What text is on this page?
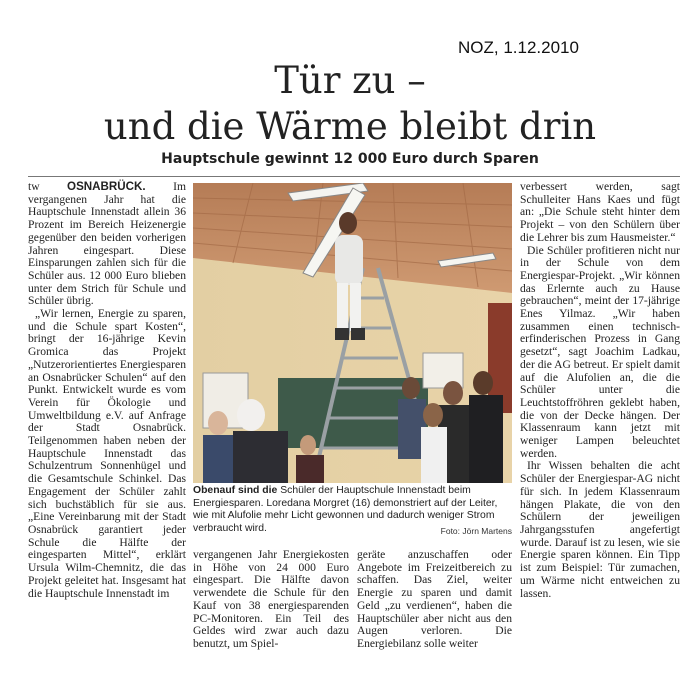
NOZ, 1.12.2010
Tür zu –
und die Wärme bleibt drin
Hauptschule gewinnt 12 000 Euro durch Sparen

tw OSNABRÜCK. Im vergangenen Jahr hat die Hauptschule Innenstadt allein 36 Prozent im Bereich Heizenergie gegenüber den beiden vorherigen Jahren eingespart. Diese Einsparungen zahlen sich für die Schüler aus. 12 000 Euro blieben unter dem Strich für Schule und Schüler übrig.

„Wir lernen, Energie zu sparen, und die Schule spart Kosten“, bringt der 16-jährige Kevin Gromica das Projekt „Nutzerorientiertes Energiesparen an Osnabrücker Schulen“ auf den Punkt. Entwickelt wurde es vom Verein für Ökologie und Umweltbildung e.V. auf Anfrage der Stadt Osnabrück. Teilgenommen haben neben der Hauptschule Innenstadt das Schulzentrum Sonnenhügel und die Gesamtschule Schinkel. Das Engagement der Schüler zahlt sich buchstäblich für sie aus. „Eine Vereinbarung mit der Stadt Osnabrück garantiert jeder Schule die Hälfte der eingesparten Mittel“, erklärt Ursula Wilm-Chemnitz, die das Projekt geleitet hat. Insgesamt hat die Hauptschule Innenstadt im

Obenauf sind die Schüler der Hauptschule Innenstadt beim Energiesparen. Loredana Morgret (16) demonstriert auf der Leiter, wie mit Alufolie mehr Licht gewonnen und dadurch weniger Strom verbraucht wird.	Foto: Jörn Martens

vergangenen Jahr Energiekosten in Höhe von 24 000 Euro eingespart. Die Hälfte davon verwendete die Schule für den Kauf von 38 energiesparenden PC-Monitoren. Ein Teil des Geldes wird zwar auch dazu benutzt, um Spiel-

geräte anzuschaffen oder Angebote im Freizeitbereich zu schaffen. Das Ziel, weiter Energie zu sparen und damit Geld „zu verdienen“, haben die Hauptschüler aber nicht aus den Augen verloren. Die Energiebilanz solle weiter

verbessert werden, sagt Schulleiter Hans Kaes und fügt an: „Die Schule steht hinter dem Projekt – von den Schülern über die Lehrer bis zum Hausmeister.“

Die Schüler profitieren nicht nur in der Schule von dem Energiespar-Projekt. „Wir können das Erlernte auch zu Hause gebrauchen“, meint der 17-jährige Enes Yilmaz. „Wir haben zusammen einen technisch-erfinderischen Prozess in Gang gesetzt“, sagt Joachim Ladkau, der die AG betreut. Er spielt damit auf die Alufolien an, die die Schüler unter die Leuchtstoffröhren geklebt haben, die von der Decke hängen. Der Klassenraum kann jetzt mit weniger Lampen beleuchtet werden.

Ihr Wissen behalten die acht Schüler der Energiespar-AG nicht für sich. In jedem Klassenraum hängen Plakate, die von den Schülern der jeweiligen Jahrgangsstufen angefertigt wurde. Darauf ist zu lesen, wie sie Energie sparen können. Ein Tipp ist zum Beispiel: Tür zumachen, um Wärme nicht entweichen zu lassen.
